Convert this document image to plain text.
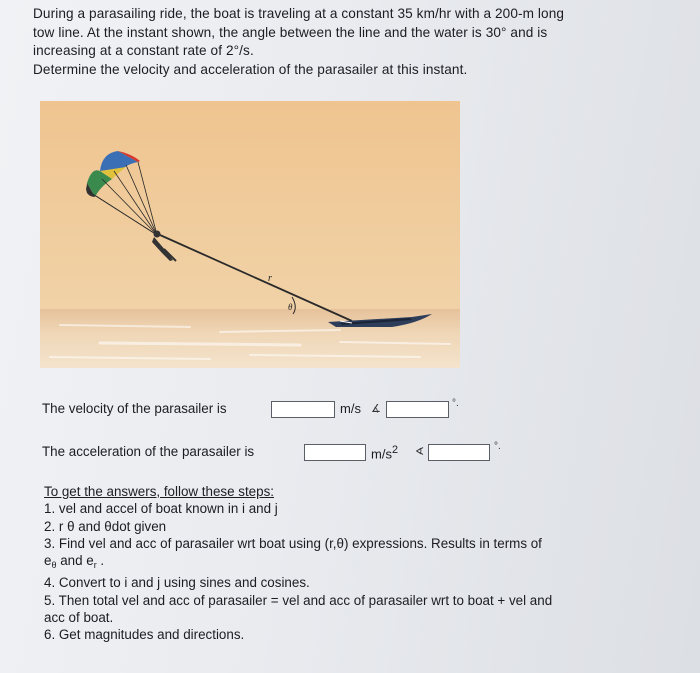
During a parasailing ride, the boat is traveling at a constant 35 km/hr with a 200-m long

tow line. At the instant shown, the angle between the line and the water is 30° and is

increasing at a constant rate of 2°/s.

Determine the velocity and acceleration of the parasailer at this instant.

r
θ
The velocity of the parasailer is	m/s ∡	°.
The acceleration of the parasailer is	$m/s^2$ ∢	°.

To get the answers, follow these steps:

1. vel and accel of boat known in i and j
2. r θ and θdot given
3. Find vel and acc of parasailer wrt boat using (r,θ) expressions. Results in terms of
$e_\theta$ and $e_r$ .
4. Convert to i and j using sines and cosines.
5. Then total vel and acc of parasailer = vel and acc of parasailer wrt to boat + vel and
acc of boat.
6. Get magnitudes and directions.
